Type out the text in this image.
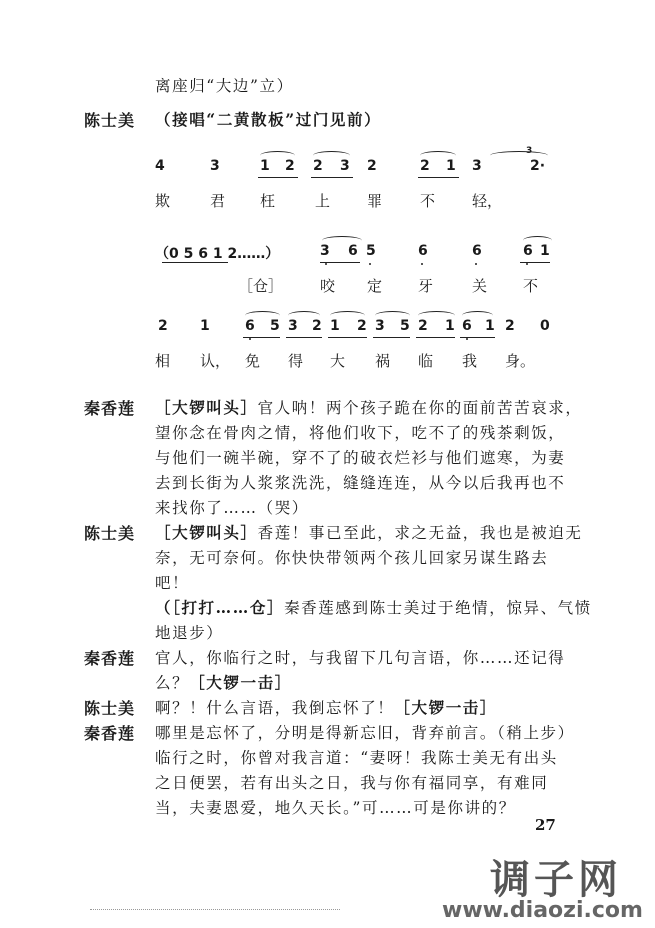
离座归“大边”立）
陈士美 （接唱“二黄散板”过门见前）
4	3	1 2 2 3 2	2 1 3	2·
3
欺	君 枉	上 罪	不 轻，
（0 5 6 1 2……）	3 6 5	6	6	6 1
［仓］ 咬 定 牙	关 不
2 1	6 5 3 2 1 2 3 5 2 1 6 1 2 0
相 认， 免 得 大 祸 临 我 身。
秦香莲 ［大锣叫头］官人呐！两个孩子跪在你的面前苦苦哀求，
望你念在骨肉之情，将他们收下，吃不了的残茶剩饭，
与他们一碗半碗，穿不了的破衣烂衫与他们遮寒，为妻
去到长街为人浆浆洗洗，缝缝连连，从今以后我再也不
来找你了……（哭）
陈士美 ［大锣叫头］香莲！事已至此，求之无益，我也是被迫无
奈，无可奈何。你快快带领两个孩儿回家另谋生路去
吧！
（［打打……仓］秦香莲感到陈士美过于绝情，惊异、气愤
地退步）
秦香莲 官人，你临行之时，与我留下几句言语，你……还记得
么？［大锣一击］
陈士美 啊？！什么言语，我倒忘怀了！［大锣一击］
秦香莲 哪里是忘怀了，分明是得新忘旧，背弃前言。（稍上步）
临行之时，你曾对我言道：“妻呀！我陈士美无有出头
之日便罢，若有出头之日，我与你有福同享，有难同
当，夫妻恩爱，地久天长。”可……可是你讲的？
27
调子网
www.diaozi.com
